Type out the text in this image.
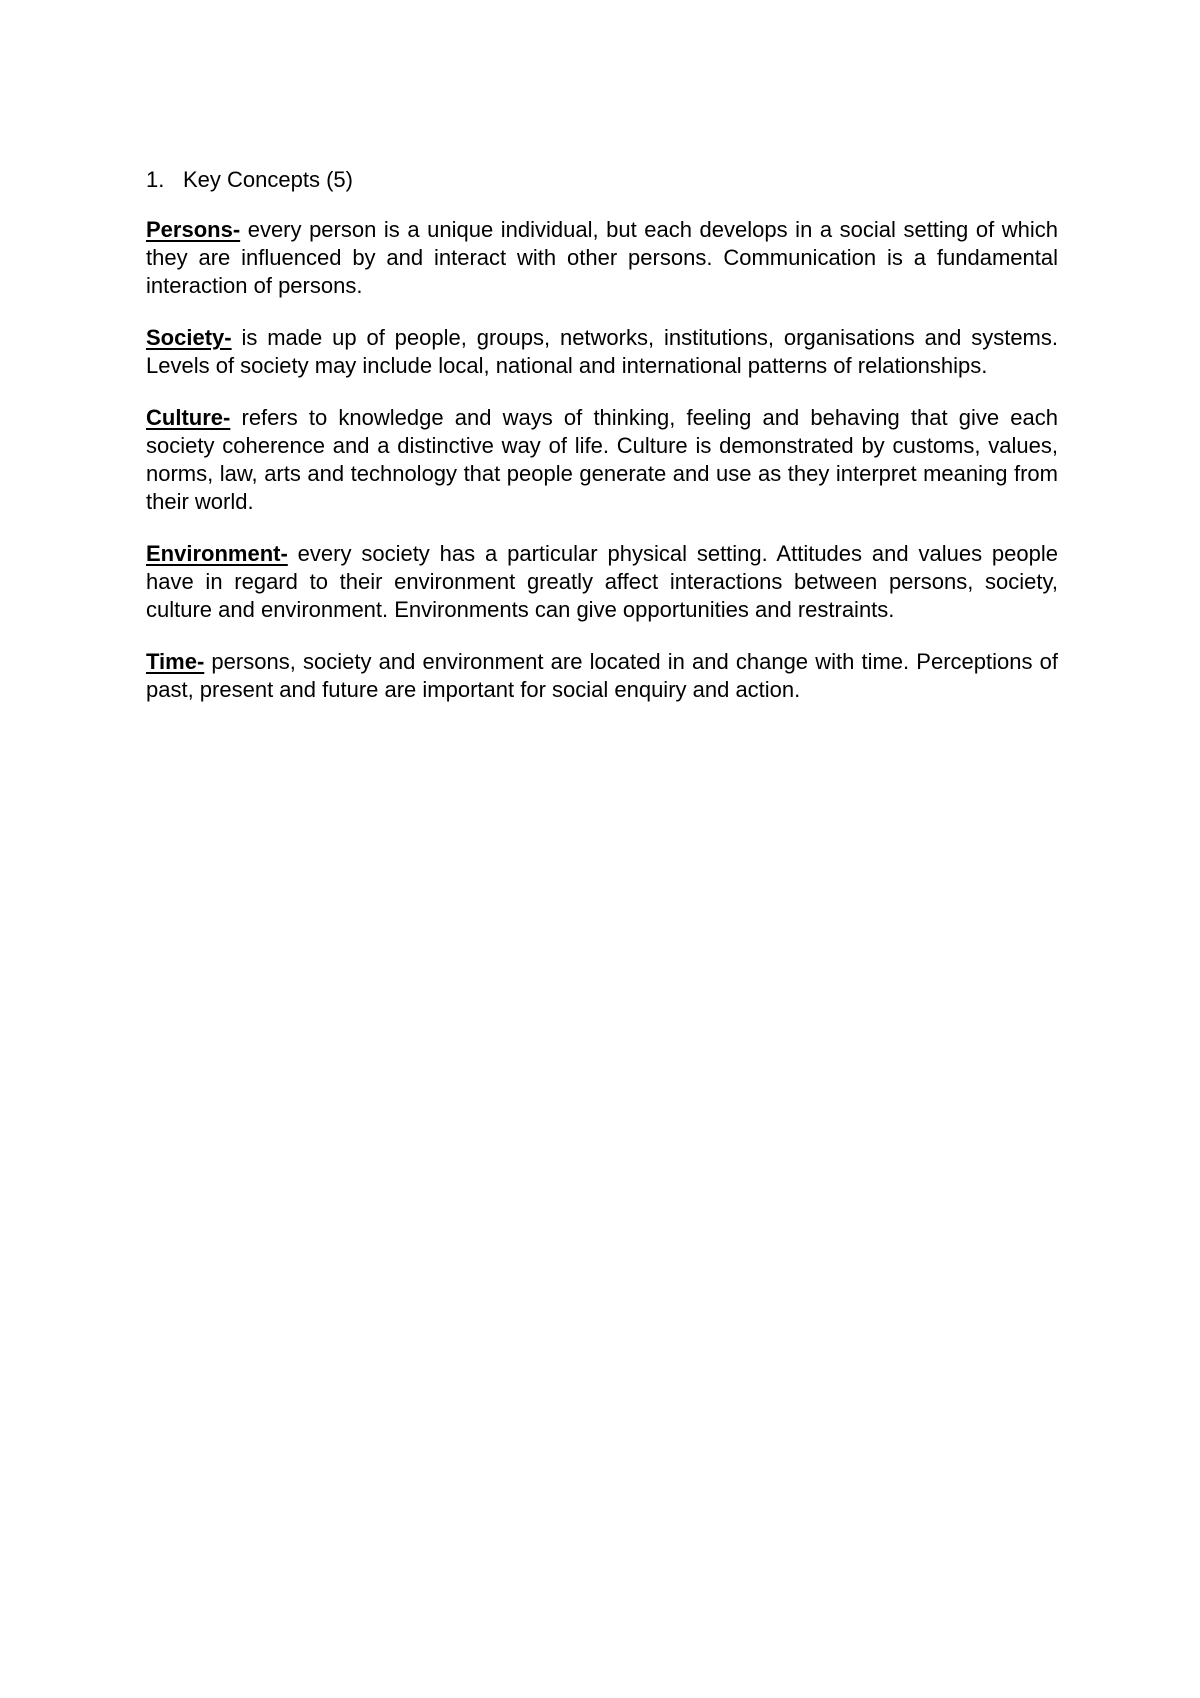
1. Key Concepts (5)

Persons- every person is a unique individual, but each develops in a social setting of which they are influenced by and interact with other persons. Communication is a fundamental interaction of persons.

Society- is made up of people, groups, networks, institutions, organisations and systems. Levels of society may include local, national and international patterns of relationships.

Culture- refers to knowledge and ways of thinking, feeling and behaving that give each society coherence and a distinctive way of life. Culture is demonstrated by customs, values, norms, law, arts and technology that people generate and use as they interpret meaning from their world.

Environment- every society has a particular physical setting. Attitudes and values people have in regard to their environment greatly affect interactions between persons, society, culture and environment. Environments can give opportunities and restraints.

Time- persons, society and environment are located in and change with time. Perceptions of past, present and future are important for social enquiry and action.
